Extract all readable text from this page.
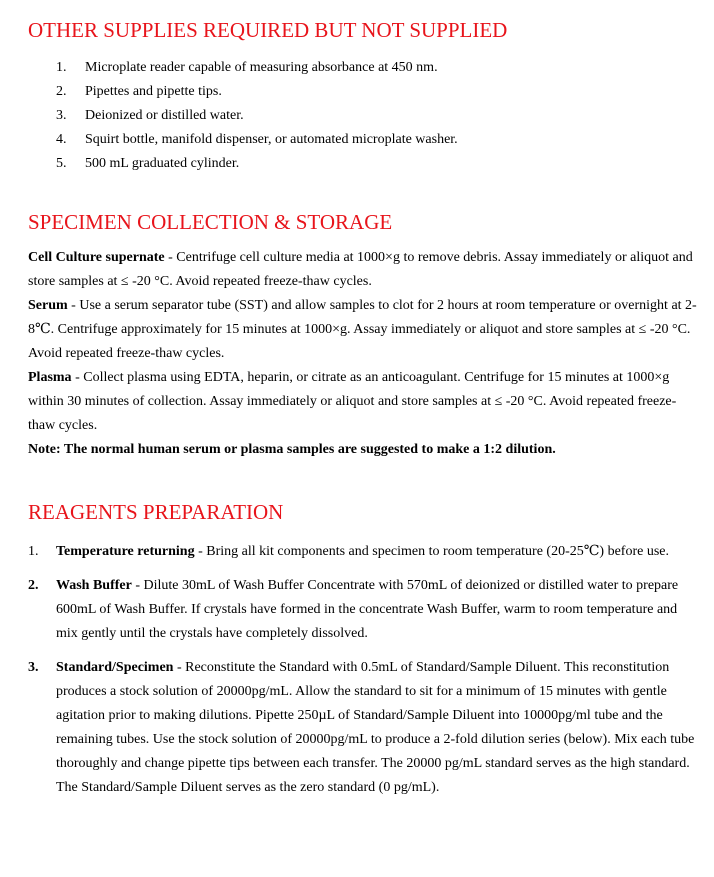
OTHER SUPPLIES REQUIRED BUT NOT SUPPLIED
1. Microplate reader capable of measuring absorbance at 450 nm.
2. Pipettes and pipette tips.
3. Deionized or distilled water.
4. Squirt bottle, manifold dispenser, or automated microplate washer.
5. 500 mL graduated cylinder.
SPECIMEN COLLECTION & STORAGE

Cell Culture supernate - Centrifuge cell culture media at 1000×g to remove debris. Assay immediately or aliquot and store samples at ≤ -20 °C. Avoid repeated freeze-thaw cycles.

Serum - Use a serum separator tube (SST) and allow samples to clot for 2 hours at room temperature or overnight at 2-8℃. Centrifuge approximately for 15 minutes at 1000×g. Assay immediately or aliquot and store samples at ≤ -20 °C. Avoid repeated freeze-thaw cycles.

Plasma - Collect plasma using EDTA, heparin, or citrate as an anticoagulant. Centrifuge for 15 minutes at 1000×g within 30 minutes of collection. Assay immediately or aliquot and store samples at ≤ -20 °C. Avoid repeated freeze-thaw cycles.

Note: The normal human serum or plasma samples are suggested to make a 1:2 dilution.

REAGENTS PREPARATION
1. Temperature returning - Bring all kit components and specimen to room temperature (20-25℃) before use.
2. Wash Buffer - Dilute 30mL of Wash Buffer Concentrate with 570mL of deionized or distilled water to prepare 600mL of Wash Buffer. If crystals have formed in the concentrate Wash Buffer, warm to room temperature and mix gently until the crystals have completely dissolved.
3. Standard/Specimen - Reconstitute the Standard with 0.5mL of Standard/Sample Diluent. This reconstitution produces a stock solution of 20000pg/mL. Allow the standard to sit for a minimum of 15 minutes with gentle agitation prior to making dilutions. Pipette 250µL of Standard/Sample Diluent into 10000pg/ml tube and the remaining tubes. Use the stock solution of 20000pg/mL to produce a 2-fold dilution series (below). Mix each tube thoroughly and change pipette tips between each transfer. The 20000 pg/mL standard serves as the high standard. The Standard/Sample Diluent serves as the zero standard (0 pg/mL).
